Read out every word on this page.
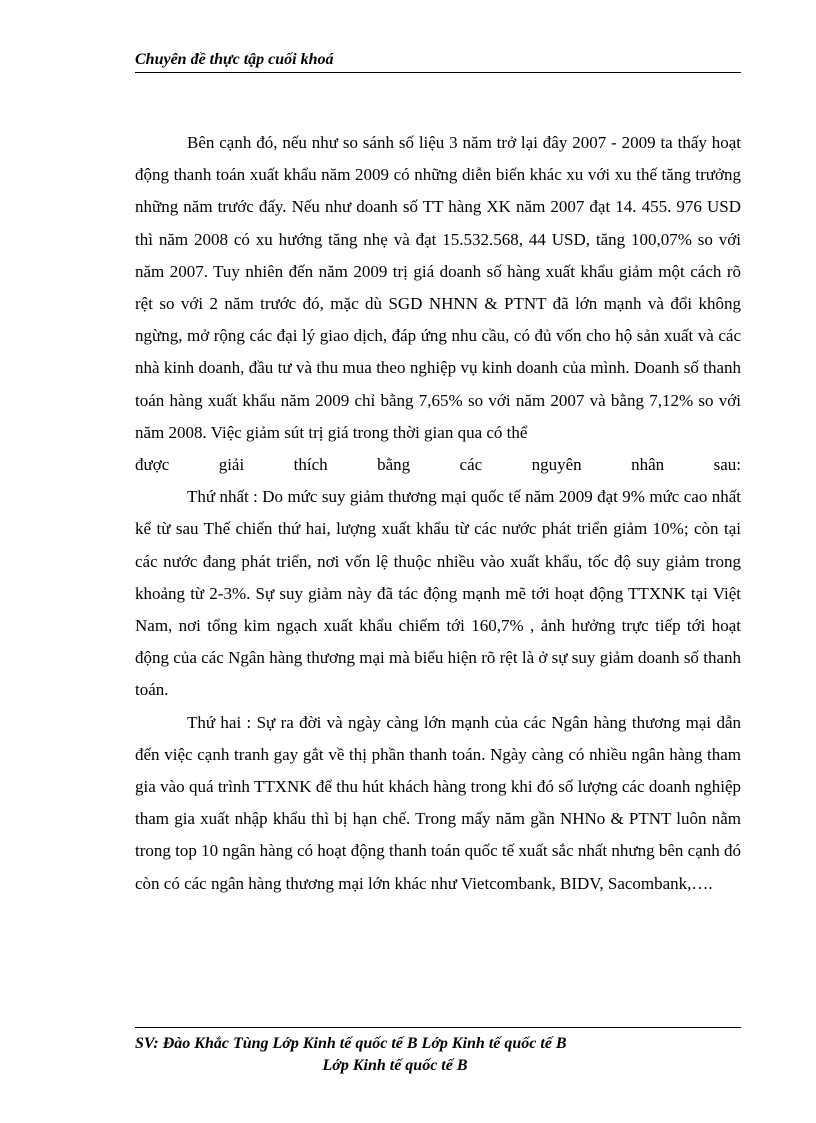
Chuyên đề thực tập cuối khoá

Bên cạnh đó, nếu như so sánh số liệu 3 năm trở lại đây 2007 - 2009 ta thấy hoạt động thanh toán xuất khẩu năm 2009 có những diễn biến khác xu với xu thế tăng trưởng những năm trước đấy. Nếu như doanh số TT hàng XK năm 2007 đạt 14. 455. 976 USD thì năm 2008 có xu hướng tăng nhẹ và đạt 15.532.568, 44 USD, tăng 100,07% so với năm 2007. Tuy nhiên đến năm 2009 trị giá doanh số hàng xuất khẩu giảm một cách rõ rệt so với 2 năm trước đó, mặc dù SGD NHNN & PTNT đã lớn mạnh và đổi không ngừng, mở rộng các đại lý giao dịch, đáp ứng nhu cầu, có đủ vốn cho hộ sản xuất và các nhà kinh doanh, đầu tư và thu mua theo nghiệp vụ kinh doanh của mình. Doanh số thanh toán hàng xuất khẩu năm 2009 chỉ bằng 7,65% so với năm 2007 và bằng 7,12% so với năm 2008. Việc giảm sút trị giá trong thời gian qua có thể

được giải thích bằng các nguyên nhân sau:

Thứ nhất : Do mức suy giảm thương mại quốc tế năm 2009 đạt 9% mức cao nhất kể từ sau Thế chiến thứ hai, lượng xuất khẩu từ các nước phát triển giảm 10%; còn tại các nước đang phát triển, nơi vốn lệ thuộc nhiều vào xuất khẩu, tốc độ suy giảm trong khoảng từ 2-3%. Sự suy giảm này đã tác động mạnh mẽ tới hoạt động TTXNK tại Việt Nam, nơi tổng kim ngạch xuất khẩu chiếm tới 160,7% , ảnh hưởng trực tiếp tới hoạt động của các Ngân hàng thương mại mà biểu hiện rõ rệt là ở sự suy giảm doanh số thanh toán.

Thứ hai : Sự ra đời và ngày càng lớn mạnh của các Ngân hàng thương mại dẫn đến việc cạnh tranh gay gắt về thị phần thanh toán. Ngày càng có nhiều ngân hàng tham gia vào quá trình TTXNK để thu hút khách hàng trong khi đó số lượng các doanh nghiệp tham gia xuất nhập khẩu thì bị hạn chế. Trong mấy năm gần NHNo & PTNT luôn nằm trong top 10 ngân hàng có hoạt động thanh toán quốc tế xuất sắc nhất nhưng bên cạnh đó còn có các ngân hàng thương mại lớn khác như Vietcombank, BIDV, Sacombank,….

SV: Đào Khắc Tùng Lớp Kinh tế quốc tế B Lớp Kinh tế quốc tế B
Lớp Kinh tế quốc tế B
